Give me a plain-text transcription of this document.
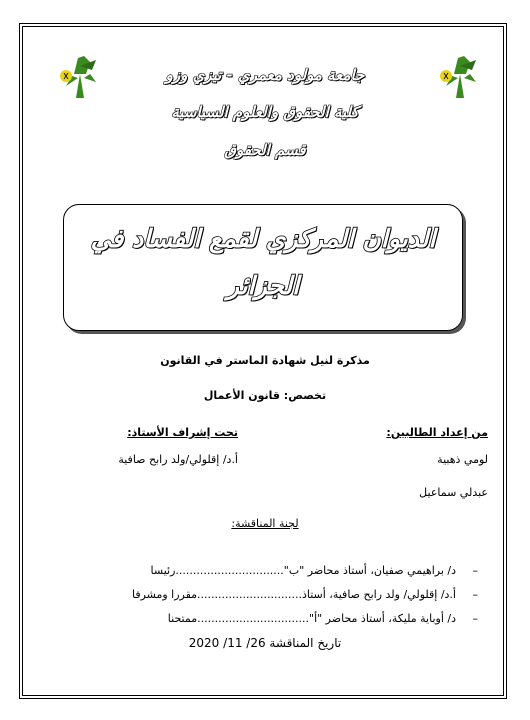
جامعة مولود معمري - تيزي وزو
كلية الحقوق والعلوم السياسية
قسم الحقوق
الديوان المركزي لقمع الفساد في الجزائر
مذكرة لنيل شهادة الماستر في القانون
تخصص: قانون الأعمال
من إعداد الطالبين:
تحت إشراف الأستاذ:
لومي ذهبية
أ.د/ إقلولي/ولد رابح صافية
عبدلي سماعيل
لجنة المناقشة:
–
د/ براهيمي صفيان، أستاذ محاضر "ب"...............................رئيسا
–
أ.د/ إقلولي/ ولد رابح صافية، أستاذ..............................مقررا ومشرفا
–
د/ أوباية مليكة، أستاذ محاضر "أ"................................ممتحنا
تاريخ المناقشة 26/ 11/ 2020
